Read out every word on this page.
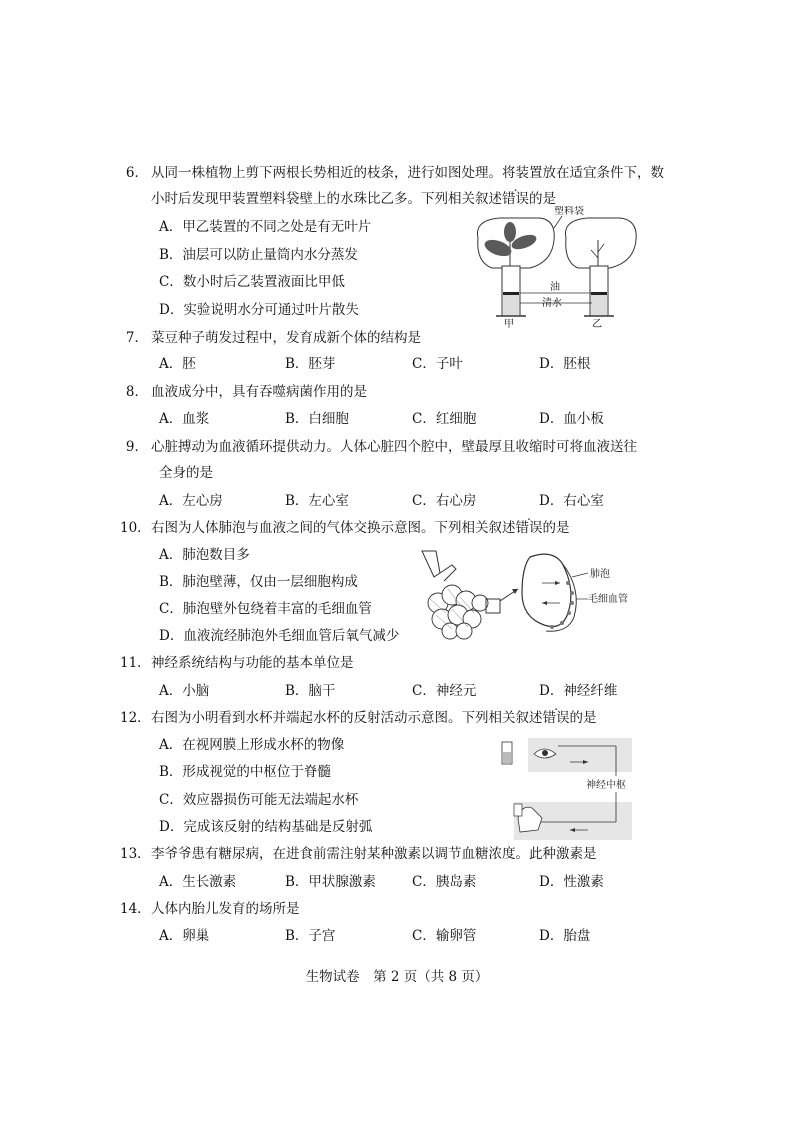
6． 从同一株植物上剪下两根长势相近的枝条，进行如图处理。将装置放在适宜条件下，数
小时后发现甲装置塑料袋壁上的水珠比乙多。下列相关叙述错误的是
A．甲乙装置的不同之处是有无叶片
B．油层可以防止量筒内水分蒸发
C．数小时后乙装置液面比甲低
D．实验说明水分可通过叶片散失
塑料袋
油
清水
甲	乙
7． 菜豆种子萌发过程中，发育成新个体的结构是
A．胚	B．胚芽	C．子叶	D．胚根
8． 血液成分中，具有吞噬病菌作用的是
A．血浆	B．白细胞	C．红细胞	D．血小板
9． 心脏搏动为血液循环提供动力。人体心脏四个腔中，壁最厚且收缩时可将血液送往
全身的是
A．左心房	B．左心室	C．右心房	D．右心室
10． 右图为人体肺泡与血液之间的气体交换示意图。下列相关叙述错误的是
A．肺泡数目多
B．肺泡壁薄，仅由一层细胞构成
C．肺泡壁外包绕着丰富的毛细血管
D．血液流经肺泡外毛细血管后氧气减少
肺泡
毛细血管
11． 神经系统结构与功能的基本单位是
A．小脑	B．脑干	C．神经元	D．神经纤维
12． 右图为小明看到水杯并端起水杯的反射活动示意图。下列相关叙述错误的是
A．在视网膜上形成水杯的物像
B．形成视觉的中枢位于脊髓
C．效应器损伤可能无法端起水杯
D．完成该反射的结构基础是反射弧
神经中枢
13． 李爷爷患有糖尿病，在进食前需注射某种激素以调节血糖浓度。此种激素是
A．生长激素	B．甲状腺激素	C．胰岛素	D．性激素
14． 人体内胎儿发育的场所是
A．卵巢	B．子宫	C．输卵管	D．胎盘
生物试卷　第 2 页（共 8 页）
